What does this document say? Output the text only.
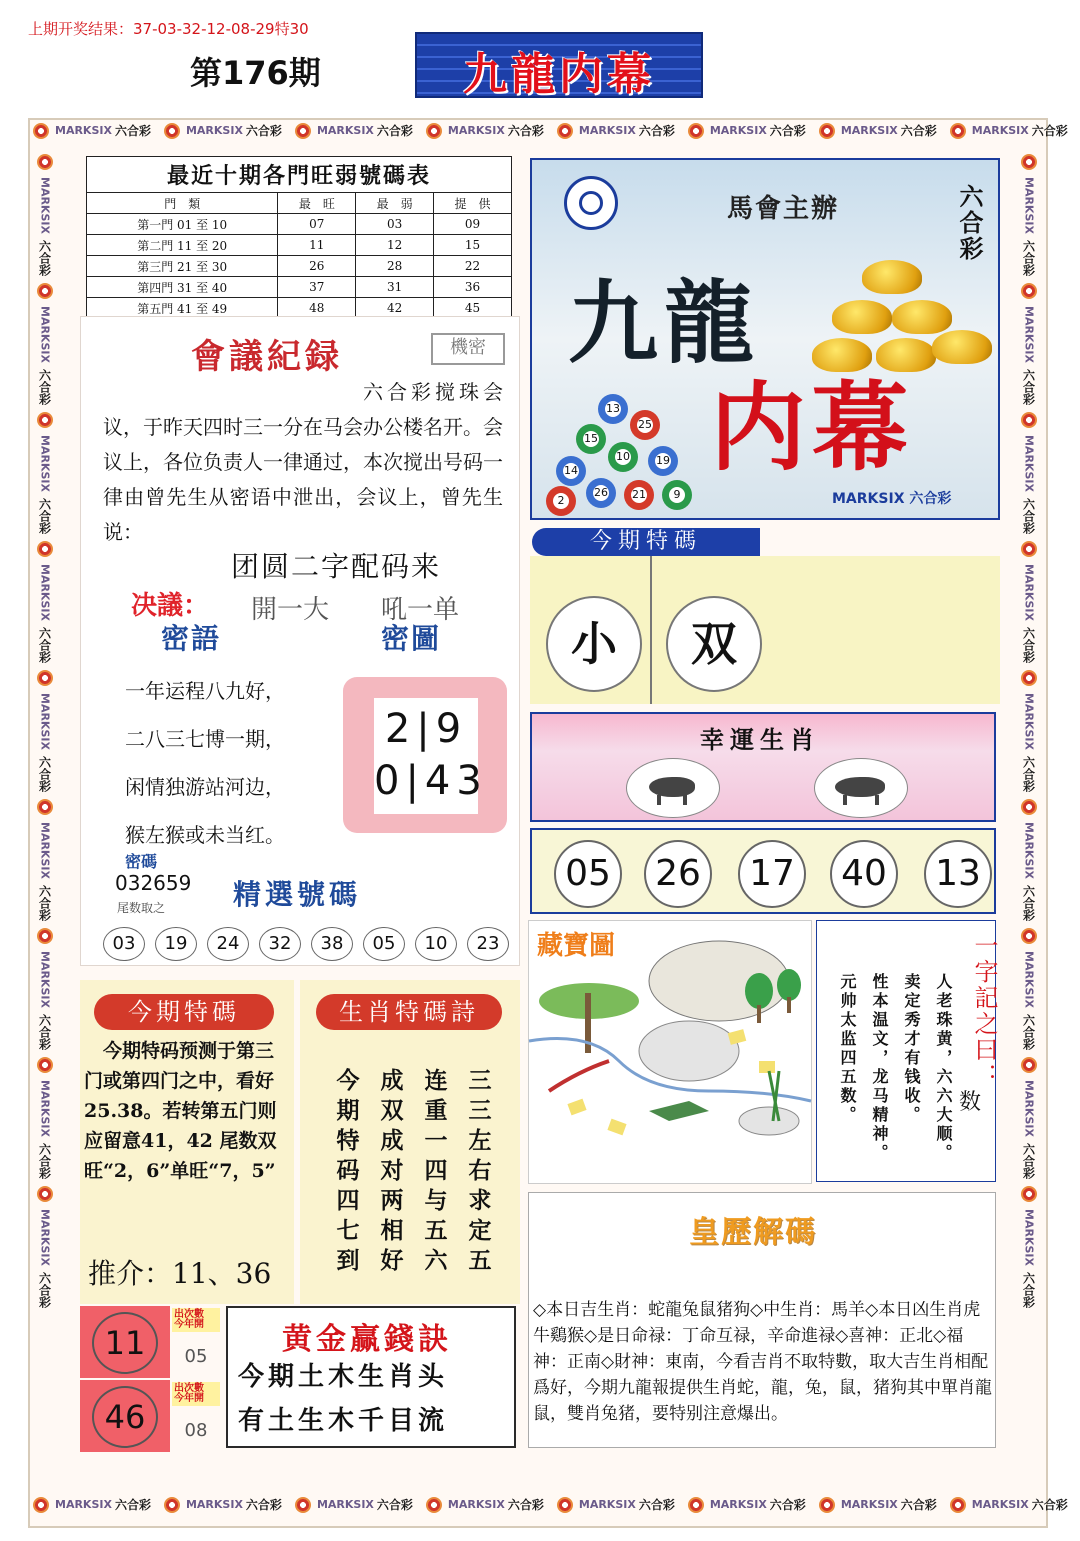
上期开奖结果：37-03-32-12-08-29特30
第176期	九龍内幕
MARKSIX 六合彩	MARKSIX 六合彩	MARKSIX 六合彩	MARKSIX 六合彩	MARKSIX 六合彩	MARKSIX 六合彩	MARKSIX 六合彩	MARKSIX 六合彩
MARKSIX 六合彩	MARKSIX 六合彩	MARKSIX 六合彩	MARKSIX 六合彩	MARKSIX 六合彩	MARKSIX 六合彩	MARKSIX 六合彩	MARKSIX 六合彩
MARKSIX
六合彩
MARKSIX
六合彩
MARKSIX
六合彩
MARKSIX
六合彩
MARKSIX
六合彩
MARKSIX
六合彩
MARKSIX
六合彩
MARKSIX
六合彩
MARKSIX
六合彩
MARKSIX
六合彩
MARKSIX
六合彩
MARKSIX
六合彩
MARKSIX
六合彩
MARKSIX
六合彩
MARKSIX
六合彩
MARKSIX
六合彩
MARKSIX
六合彩
MARKSIX
六合彩
最近十期各門旺弱號碼表
門　類	最　旺	最　弱	提　供
第一門 01 至 10	07	03	09
第二門 11 至 20	11	12	15
第三門 21 至 30	26	28	22
第四門 31 至 40	37	31	36
第五門 41 至 49	48	42	45
會議紀録	機密
六合彩搅珠会议，于昨天四时三一分在马会办公楼名开。会议上，各位负责人一律通过，本次搅出号码一律由曾先生从密语中泄出，会议上，曾先生说：
团圆二字配码来
决議： 開一大 吼一单
密語	密圖
一年运程八九好，
二八三七博一期，
闲情独游站河边，
猴左猴或未当红。
2|9
0|43
密碼
032659
尾数取之 精選號碼
03	19	24	32	38	05	10	23
馬會主辦	六合彩
九龍
内幕
13
25
15
14
10	19
26	21	9
2	MARKSIX 六合彩
今期特碼
小	双
幸運生肖
05	26	17	40	13
藏寶圖
人老珠黄，六六大顺。
卖定秀才有钱收。
性本温文，龙马精神。
元帅太监四五数。	一字記之曰：
数
皇歷解碼
◇本日吉生肖：蛇龍兔鼠猪狗◇中生肖：馬羊◇本日凶生肖虎牛鷄猴◇是日命禄：丁命互禄，辛命進禄◇喜神：正北◇福神：正南◇財神：東南，今看吉肖不取特數，取大吉生肖相配爲好，今期九龍報提供生肖蛇，龍，兔，鼠，猪狗其中單肖龍鼠，雙肖兔猪，要特别注意爆出。
今期特碼
　今期特码预测于第三门或第四门之中，看好25.38。若转第五门则应留意41，42 尾数双旺“2，6”单旺“7，5”
推介：11、36
生肖特碼詩
今 成 连 三
期 双 重 三
特 成 一 左
码 对 四 右
四 两 与 求
七 相 五 定
到 好 六 五
11
出次數　今年開
05
46
出次數　今年開
08
黄金赢錢訣
今期土木生肖头
有土生木千目流
